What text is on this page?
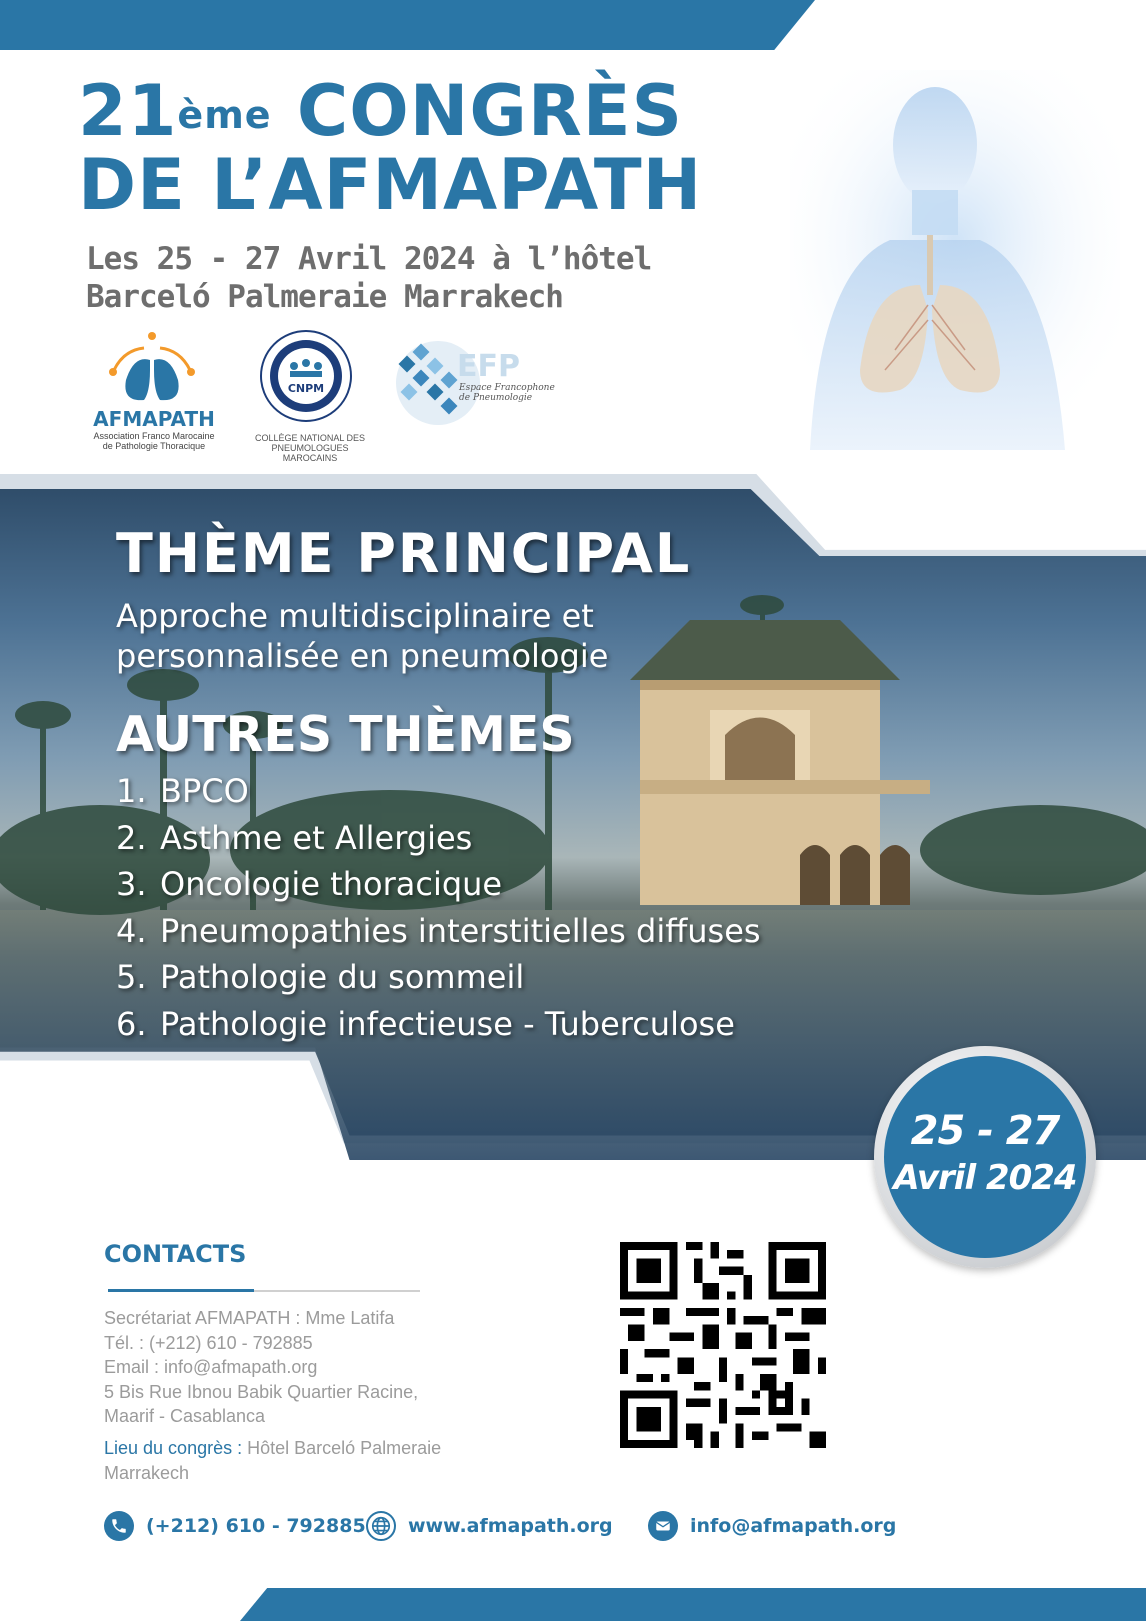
21ème CONGRÈS
DE L’AFMAPATH
Les 25 - 27 Avril 2024 à l’hôtel
Barceló Palmeraie Marrakech
AFMAPATH
Association Franco Marocaine
de Pathologie Thoracique
CNPM
COLLÈGE NATIONAL DES
PNEUMOLOGUES MAROCAINS
EFP
Espace Francophone
de Pneumologie
THÈME PRINCIPAL
Approche multidisciplinaire et
personnalisée en pneumologie
AUTRES THÈMES
1. BPCO
2. Asthme et Allergies
3. Oncologie thoracique
4. Pneumopathies interstitielles diffuses
5. Pathologie du sommeil
6. Pathologie infectieuse - Tuberculose
25 - 27
Avril 2024
CONTACTS
Secrétariat AFMAPATH : Mme Latifa
Tél. : (+212) 610 - 792885
Email : info@afmapath.org
5 Bis Rue Ibnou Babik Quartier Racine,
Maarif - Casablanca
Lieu du congrès : Hôtel Barceló Palmeraie
Marrakech
(+212) 610 - 792885 www.afmapath.org	info@afmapath.org
